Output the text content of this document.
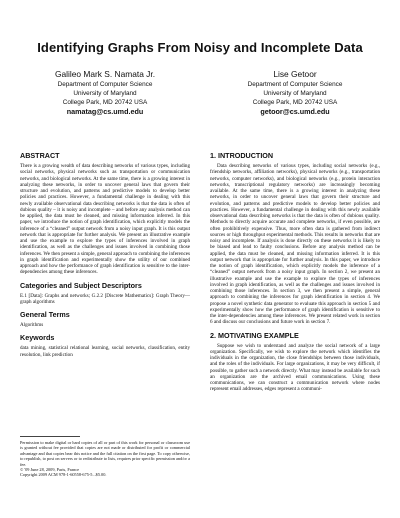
Identifying Graphs From Noisy and Incomplete Data
Galileo Mark S. Namata Jr.
Department of Computer Science
University of Maryland
College Park, MD 20742 USA
namatag@cs.umd.edu
Lise Getoor
Department of Computer Science
University of Maryland
College Park, MD 20742 USA
getoor@cs.umd.edu
ABSTRACT

There is a growing wealth of data describing networks of various types, including social networks, physical networks such as transportation or communication networks, and biological networks. At the same time, there is a growing interest in analyzing these networks, in order to uncover general laws that govern their structure and evolution, and patterns and predictive models to develop better policies and practices. However, a fundamental challenge in dealing with this newly available observational data describing networks is that the data is often of dubious quality – it is noisy and incomplete – and before any analysis method can be applied, the data must be cleaned, and missing information inferred. In this paper, we introduce the notion of graph identification, which explicitly models the inference of a “cleaned” output network from a noisy input graph. It is this output network that is appropriate for further analysis. We present an illustrative example and use the example to explore the types of inferences involved in graph identification, as well as the challenges and issues involved in combining those inferences. We then present a simple, general approach to combining the inferences in graph identification and experimentally show the utility of our combined approach and how the performance of graph identification is sensitive to the inter-dependencies among these inferences.

Categories and Subject Descriptors

E.1 [Data]: Graphs and networks; G.2.2 [Discrete Mathematics]: Graph Theory—graph algorithms

General Terms

Algorithms

Keywords

data mining, statistical relational learning, social networks, classification, entity resolution, link prediction

Permission to make digital or hard copies of all or part of this work for personal or classroom use is granted without fee provided that copies are not made or distributed for profit or commercial advantage and that copies bear this notice and the full citation on the first page. To copy otherwise, to republish, to post on servers or to redistribute to lists, requires prior specific permission and/or a fee.

© '09 June 28, 2009, Paris, France

Copyright 2009 ACM 978-1-60558-675-5...$5.00.

1. INTRODUCTION

Data describing networks of various types, including social networks (e.g., friendship networks, affiliation networks), physical networks (e.g., transportation networks, computer networks), and biological networks (e.g., protein interaction networks, transcriptional regulatory networks) are increasingly becoming available. At the same time, there is a growing interest in analyzing these networks, in order to uncover general laws that govern their structure and evolution, and patterns and predictive models to develop better policies and practices. However, a fundamental challenge in dealing with this newly available observational data describing networks is that the data is often of dubious quality. Methods to directly acquire accurate and complete networks, if even possible, are often prohibitively expensive. Thus, more often data is gathered from indirect sources or high throughput experimental methods. This results in networks that are noisy and incomplete. If analysis is done directly on these networks it is likely to be biased and lead to faulty conclusions. Before any analysis method can be applied, the data must be cleaned, and missing information inferred. It is this output network that is appropriate for further analysis. In this paper, we introduce the notion of graph identification, which explicitly models the inference of a “cleaned” output network from a noisy input graph. In section 2, we present an illustrative example and use the example to explore the types of inferences involved in graph identification, as well as the challenges and issues involved in combining those inferences. In section 3, we then present a simple, general approach to combining the inferences for graph identification in section 4. We propose a novel synthetic data generator to evaluate this approach in section 5 and experimentally show how the performance of graph identification is sensitive to the inter-dependencies among these inferences. We present related work in section 6 and discuss our conclusions and future work in section 7.

2. MOTIVATING EXAMPLE

Suppose we wish to understand and analyze the social network of a large organization. Specifically, we wish to explore the network which identifies the individuals in the organization, the close friendships between those individuals, and the roles of the individuals. For large organizations, it may be very difficult, if possible, to gather such a network directly. What may instead be available for such an organization are the archived email communications. Using these communications, we can construct a communication network where nodes represent email addresses, edges represent a communi-
